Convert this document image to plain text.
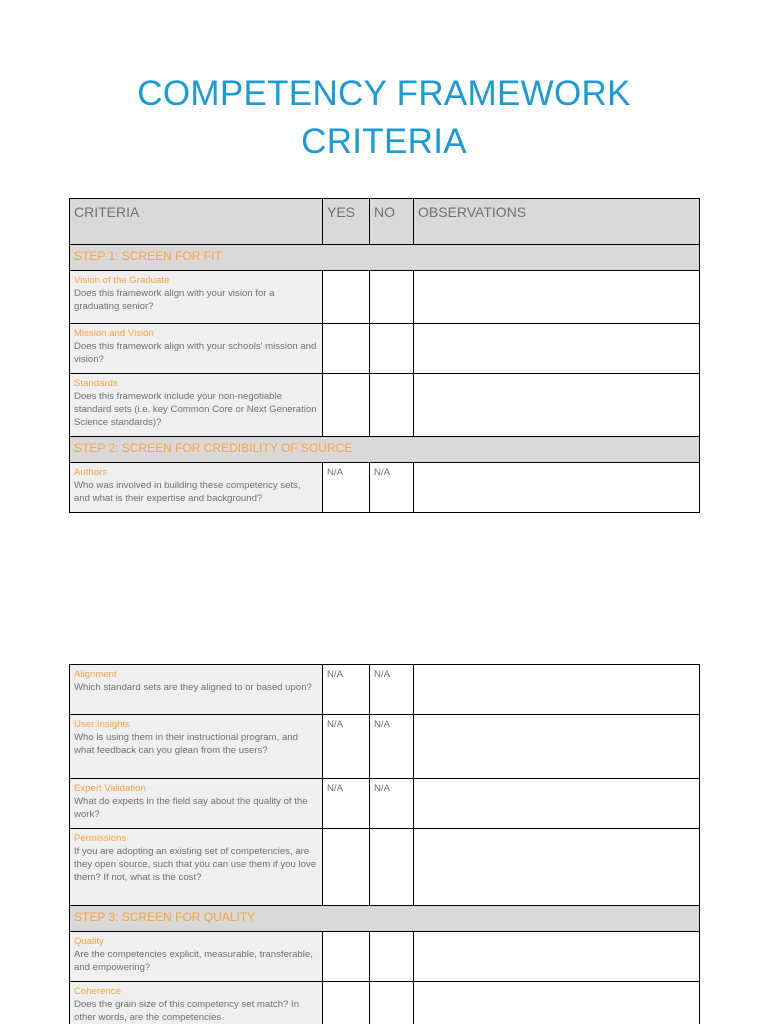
COMPETENCY FRAMEWORK
CRITERIA
CRITERIA	YES	NO	OBSERVATIONS
STEP 1: SCREEN FOR FIT			

Vision of the Graduate
Does this framework align with your vision for a graduating senior?			

Mission and Vision
Does this framework align with your schools' mission and vision?			

Standards
Does this framework include your non-negotiable standard sets (i.e. key Common Core or Next Generation Science standards)?			

STEP 2: SCREEN FOR CREDIBILITY OF SOURCE			

Authors
Who was involved in building these competency sets, and what is their expertise and background?	N/A	N/A	
Alignment
Which standard sets are they aligned to or based upon?	N/A	N/A	

User Insights
Who is using them in their instructional program, and what feedback can you glean from the users?	N/A	N/A	

Expert Validation
What do experts in the field say about the quality of the work?	N/A	N/A	

Permissions
If you are adopting an existing set of competencies, are they open source, such that you can use them if you love them? If not, what is the cost?			

STEP 3: SCREEN FOR QUALITY			

Quality
Are the competencies explicit, measurable, transferable, and empowering?			

Coherence
Does the grain size of this competency set match? In other words, are the competencies			
